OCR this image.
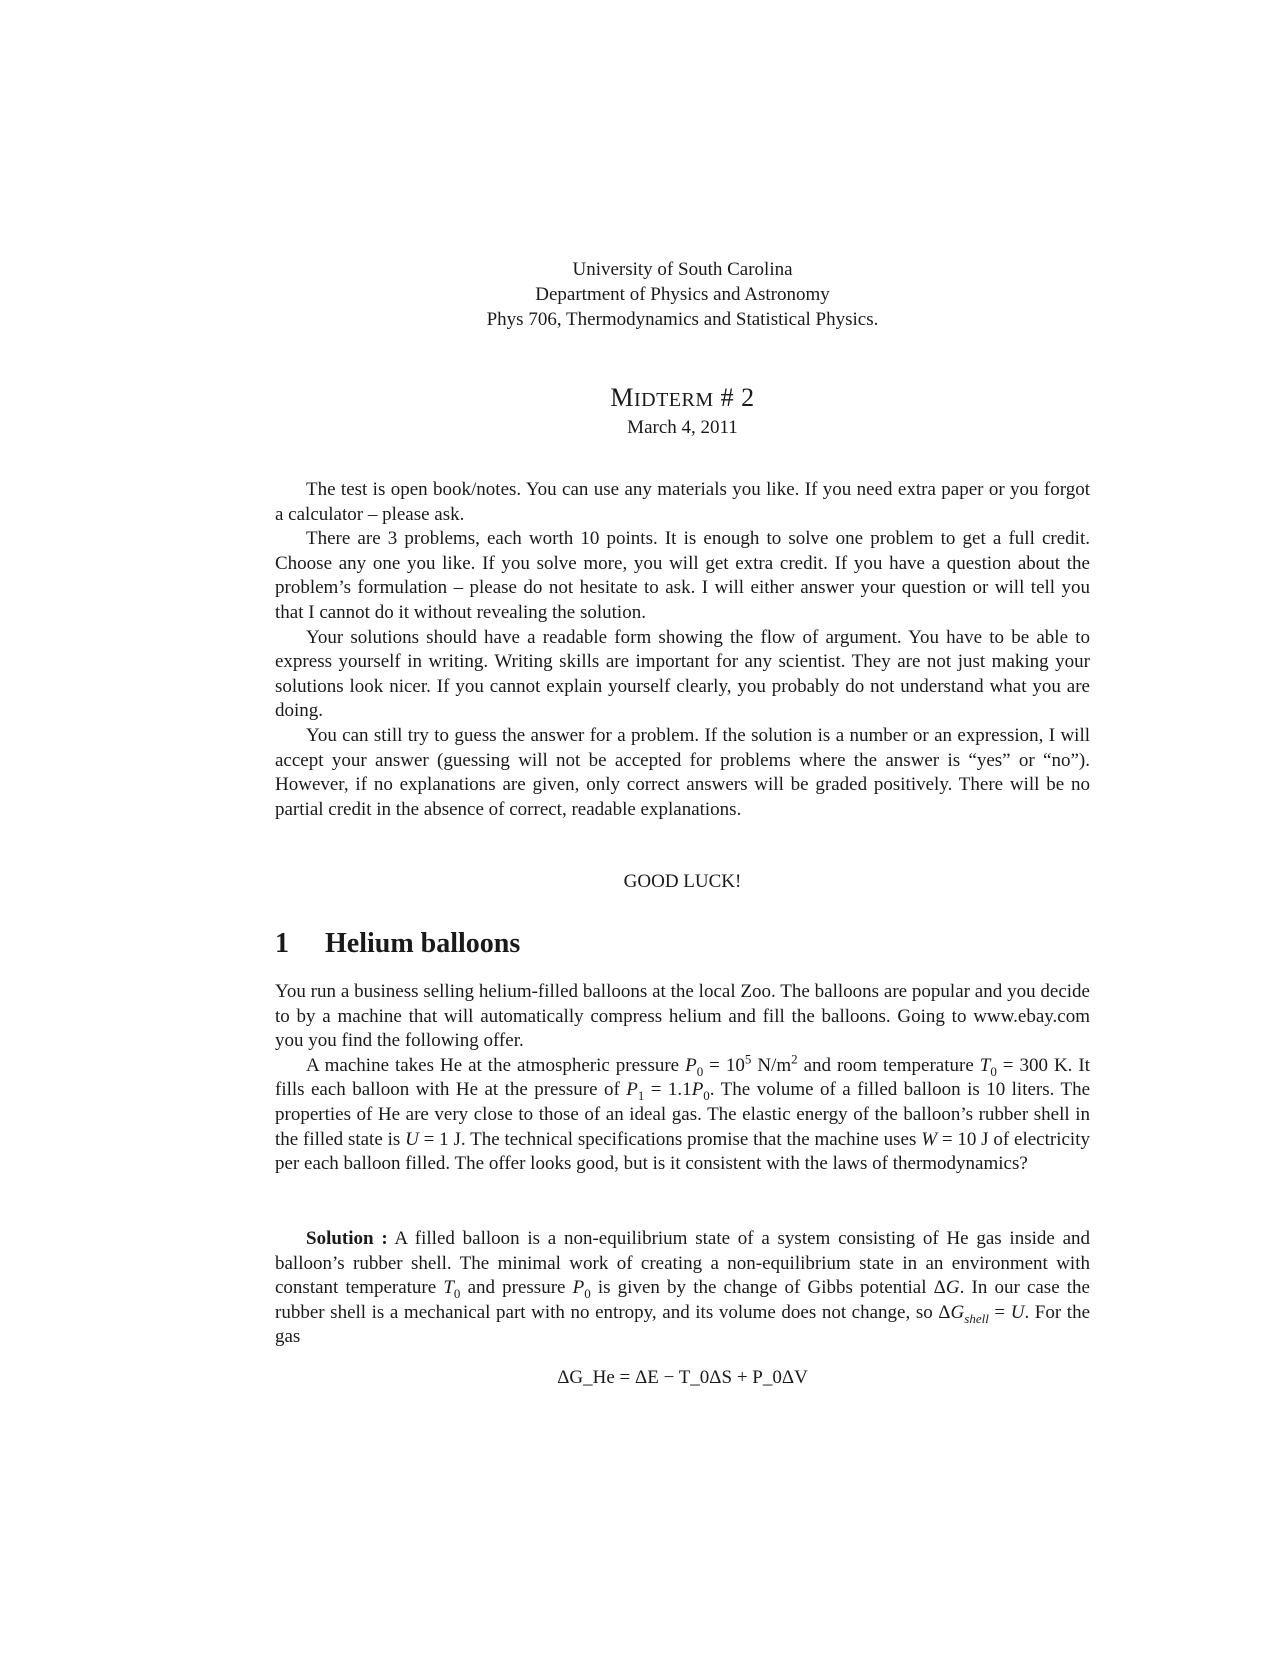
University of South Carolina
Department of Physics and Astronomy
Phys 706, Thermodynamics and Statistical Physics.
MIDTERM # 2
March 4, 2011

The test is open book/notes. You can use any materials you like. If you need extra paper or you forgot a calculator – please ask.

There are 3 problems, each worth 10 points. It is enough to solve one problem to get a full credit. Choose any one you like. If you solve more, you will get extra credit. If you have a question about the problem’s formulation – please do not hesitate to ask. I will either answer your question or will tell you that I cannot do it without revealing the solution.

Your solutions should have a readable form showing the flow of argument. You have to be able to express yourself in writing. Writing skills are important for any scientist. They are not just making your solutions look nicer. If you cannot explain yourself clearly, you probably do not understand what you are doing.

You can still try to guess the answer for a problem. If the solution is a number or an expression, I will accept your answer (guessing will not be accepted for problems where the answer is “yes” or “no”). However, if no explanations are given, only correct answers will be graded positively. There will be no partial credit in the absence of correct, readable explanations.

GOOD LUCK!
1 Helium balloons

You run a business selling helium-filled balloons at the local Zoo. The balloons are popular and you decide to by a machine that will automatically compress helium and fill the balloons. Going to www.ebay.com you you find the following offer.

A machine takes He at the atmospheric pressure $P_0 = 10^5$ $N/m^2$ and room temperature $T_0 = 300$ K. It fills each balloon with He at the pressure of $P_1 = 1.1P_0$. The volume of a filled balloon is 10 liters. The properties of He are very close to those of an ideal gas. The elastic energy of the balloon’s rubber shell in the filled state is U = 1 J. The technical specifications promise that the machine uses W = 10 J of electricity per each balloon filled. The offer looks good, but is it consistent with the laws of thermodynamics?

Solution : A filled balloon is a non-equilibrium state of a system consisting of He gas inside and balloon’s rubber shell. The minimal work of creating a non-equilibrium state in an environment with constant temperature $T_0$ and pressure $P_0$ is given by the change of Gibbs potential ΔG. In our case the rubber shell is a mechanical part with no entropy, and its volume does not change, so $\Delta G_{shell} = U$. For the gas

ΔG_He = ΔE − T_0ΔS + P_0ΔV
